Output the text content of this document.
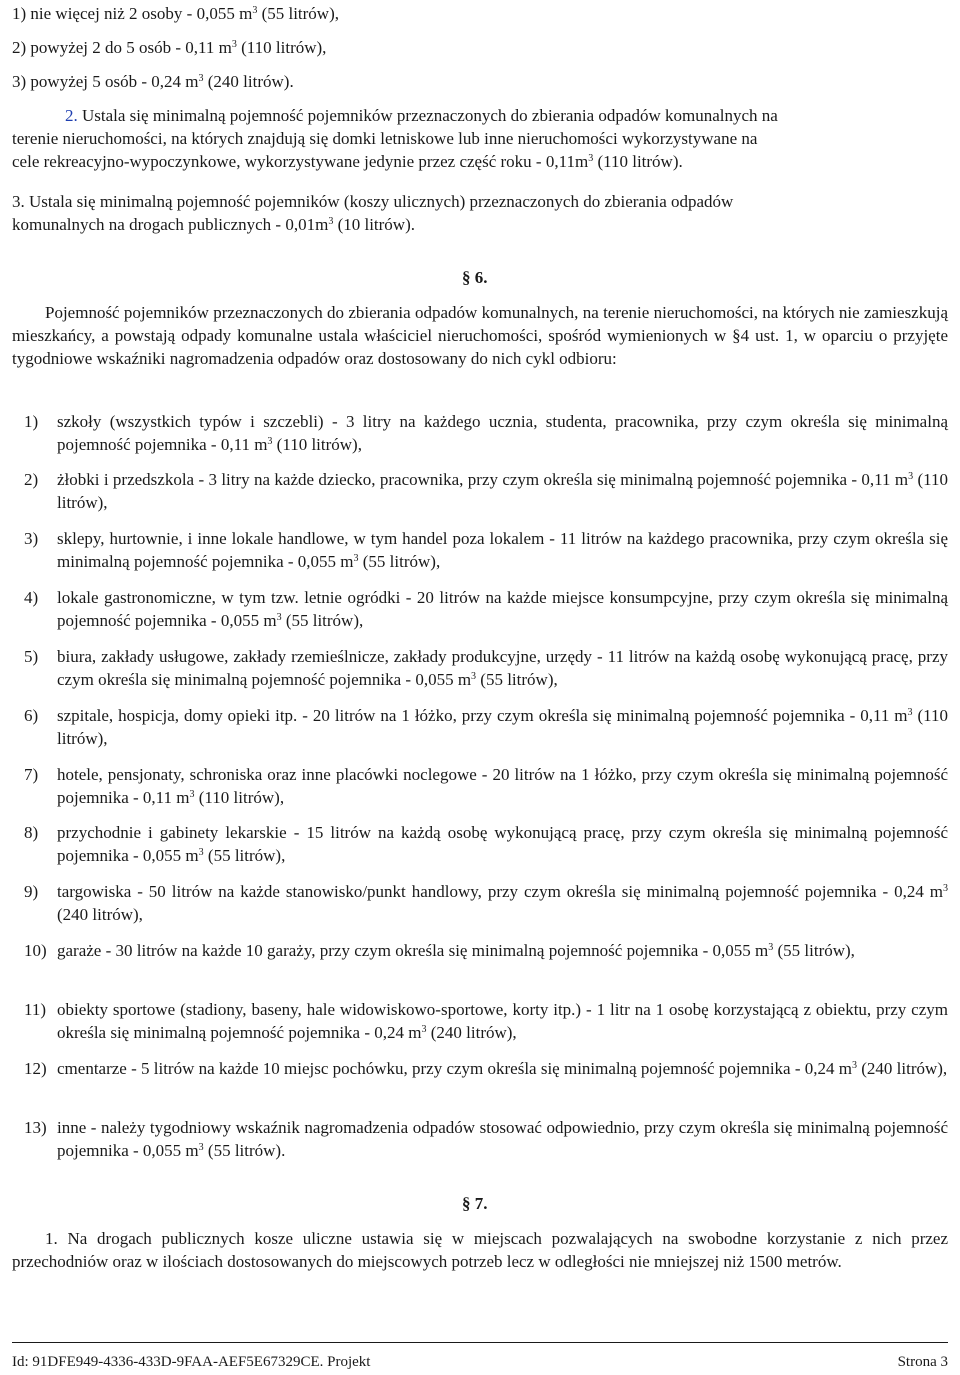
1) nie więcej niż 2 osoby - 0,055 $m^3$ (55 litrów),
2) powyżej 2 do 5 osób - 0,11 $m^3$ (110 litrów),
3) powyżej 5 osób - 0,24 $m^3$ (240 litrów).
2. Ustala się minimalną pojemność pojemników przeznaczonych do zbierania odpadów komunalnych na
terenie nieruchomości, na których znajdują się domki letniskowe lub inne nieruchomości wykorzystywane na
cele rekreacyjno-wypoczynkowe, wykorzystywane jedynie przez część roku - $0,11m^3$ (110 litrów).
3. Ustala się minimalną pojemność pojemników (koszy ulicznych) przeznaczonych do zbierania odpadów
komunalnych na drogach publicznych - $0,01m^3$ (10 litrów).
§ 6.
Pojemność pojemników przeznaczonych do zbierania odpadów komunalnych, na terenie nieruchomości, na których nie zamieszkują mieszkańcy, a powstają odpady komunalne ustala właściciel nieruchomości, spośród wymienionych w §4 ust. 1, w oparciu o przyjęte tygodniowe wskaźniki nagromadzenia odpadów oraz dostosowany do nich cykl odbioru:
1) szkoły (wszystkich typów i szczebli) - 3 litry na każdego ucznia, studenta, pracownika, przy czym określa się minimalną pojemność pojemnika - 0,11 $m^3$ (110 litrów),
2) żłobki i przedszkola - 3 litry na każde dziecko, pracownika, przy czym określa się minimalną pojemność pojemnika - 0,11 $m^3$ (110 litrów),
3) sklepy, hurtownie, i inne lokale handlowe, w tym handel poza lokalem - 11 litrów na każdego pracownika, przy czym określa się minimalną pojemność pojemnika - 0,055 $m^3$ (55 litrów),
4) lokale gastronomiczne, w tym tzw. letnie ogródki - 20 litrów na każde miejsce konsumpcyjne, przy czym określa się minimalną pojemność pojemnika - 0,055 $m^3$ (55 litrów),
5) biura, zakłady usługowe, zakłady rzemieślnicze, zakłady produkcyjne, urzędy - 11 litrów na każdą osobę wykonującą pracę, przy czym określa się minimalną pojemność pojemnika - 0,055 $m^3$ (55 litrów),
6) szpitale, hospicja, domy opieki itp. - 20 litrów na 1 łóżko, przy czym określa się minimalną pojemność pojemnika - 0,11 $m^3$ (110 litrów),
7) hotele, pensjonaty, schroniska oraz inne placówki noclegowe - 20 litrów na 1 łóżko, przy czym określa się minimalną pojemność pojemnika - 0,11 $m^3$ (110 litrów),
8) przychodnie i gabinety lekarskie - 15 litrów na każdą osobę wykonującą pracę, przy czym określa się minimalną pojemność pojemnika - 0,055 $m^3$ (55 litrów),
9) targowiska - 50 litrów na każde stanowisko/punkt handlowy, przy czym określa się minimalną pojemność pojemnika - 0,24 $m^3$ (240 litrów),
10) garaże - 30 litrów na każde 10 garaży, przy czym określa się minimalną pojemność pojemnika - 0,055 $m^3$ (55 litrów),
11) obiekty sportowe (stadiony, baseny, hale widowiskowo-sportowe, korty itp.) - 1 litr na 1 osobę korzystającą z obiektu, przy czym określa się minimalną pojemność pojemnika - 0,24 $m^3$ (240 litrów),
12) cmentarze - 5 litrów na każde 10 miejsc pochówku, przy czym określa się minimalną pojemność pojemnika - 0,24 $m^3$ (240 litrów),
13) inne - należy tygodniowy wskaźnik nagromadzenia odpadów stosować odpowiednio, przy czym określa się minimalną pojemność pojemnika - 0,055 $m^3$ (55 litrów).
§ 7.
1. Na drogach publicznych kosze uliczne ustawia się w miejscach pozwalających na swobodne korzystanie z nich przez przechodniów oraz w ilościach dostosowanych do miejscowych potrzeb lecz w odległości nie mniejszej niż 1500 metrów.
Id: 91DFE949-4336-433D-9FAA-AEF5E67329CE. Projekt	Strona 3
